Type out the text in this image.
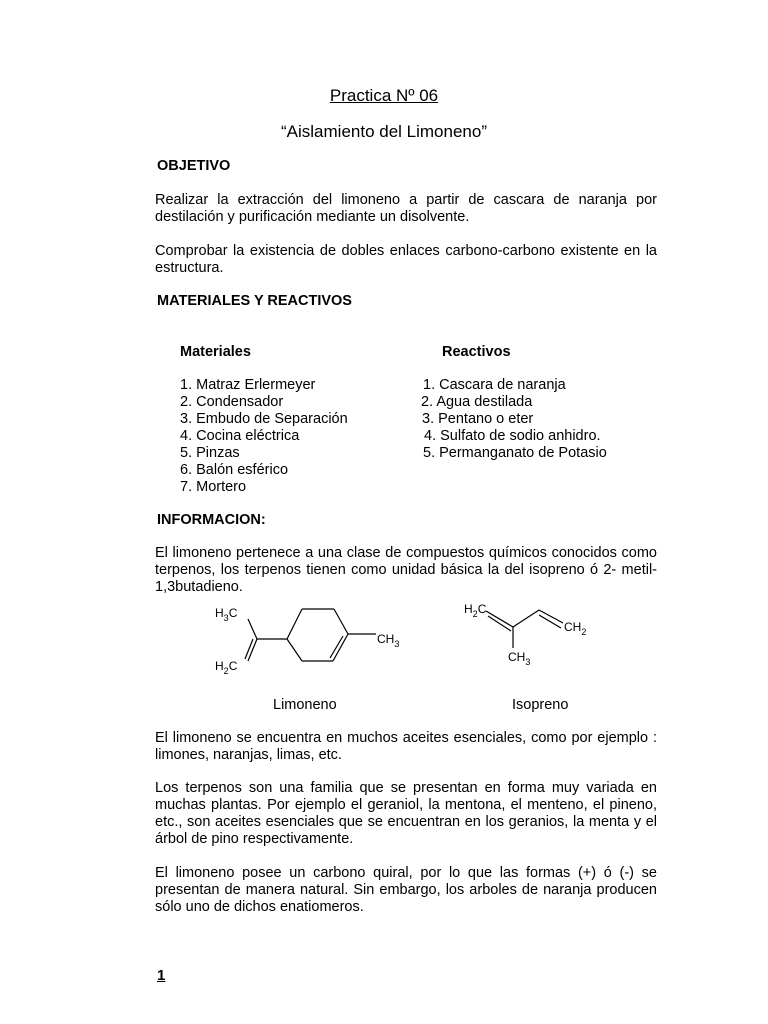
Practica Nº 06
“Aislamiento del Limoneno”
OBJETIVO

Realizar la extracción del limoneno a partir de cascara de naranja por destilación y purificación mediante un disolvente.

Comprobar la existencia de dobles enlaces carbono-carbono existente en la estructura.

MATERIALES Y REACTIVOS
Materiales	Reactivos
1. Matraz Erlermeyer
2. Condensador
3. Embudo de Separación
4. Cocina eléctrica
5. Pinzas
6. Balón esférico
7. Mortero
1. Cascara de naranja
2. Agua destilada
3. Pentano o eter
4. Sulfato de sodio anhidro.
5. Permanganato de Potasio
INFORMACION:

El limoneno pertenece a una clase de compuestos químicos conocidos como terpenos, los terpenos tienen como unidad básica la del isopreno ó 2- metil-1,3butadieno.

$H_3C$
$H_2C$
$CH_3$
$H_2C$
$CH_2$
$CH_3$
Limoneno	Isopreno

El limoneno se encuentra en muchos aceites esenciales, como por ejemplo : limones, naranjas, limas, etc.

Los terpenos son una familia que se presentan en forma muy variada en muchas plantas. Por ejemplo el geraniol, la mentona, el menteno, el pineno, etc., son aceites esenciales que se encuentran en los geranios, la menta y el árbol de pino respectivamente.

El limoneno posee un carbono quiral, por lo que las formas (+) ó (-) se presentan de manera natural. Sin embargo, los arboles de naranja producen sólo uno de dichos enatiomeros.

1
